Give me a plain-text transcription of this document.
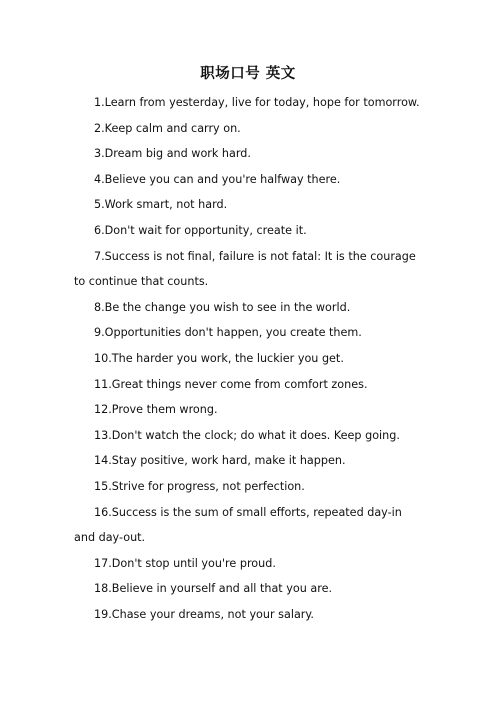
职场口号 英文

1.Learn from yesterday, live for today, hope for tomorrow.

2.Keep calm and carry on.

3.Dream big and work hard.

4.Believe you can and you're halfway there.

5.Work smart, not hard.

6.Don't wait for opportunity, create it.

7.Success is not final, failure is not fatal: It is the courage to continue that counts.

8.Be the change you wish to see in the world.

9.Opportunities don't happen, you create them.

10.The harder you work, the luckier you get.

11.Great things never come from comfort zones.

12.Prove them wrong.

13.Don't watch the clock; do what it does. Keep going.

14.Stay positive, work hard, make it happen.

15.Strive for progress, not perfection.

16.Success is the sum of small efforts, repeated day-in and day-out.

17.Don't stop until you're proud.

18.Believe in yourself and all that you are.

19.Chase your dreams, not your salary.
